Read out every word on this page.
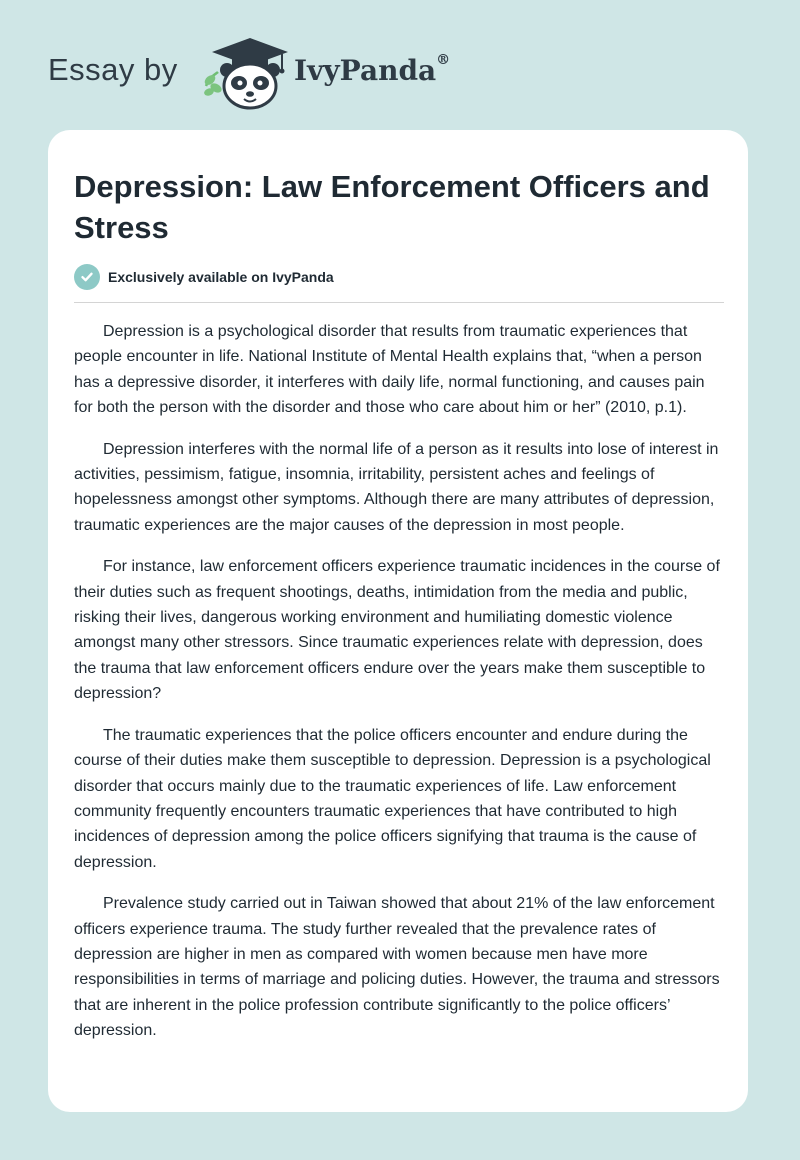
Essay by	IvyPanda®
Depression: Law Enforcement Officers and Stress
Exclusively available on IvyPanda

Depression is a psychological disorder that results from traumatic experiences that people encounter in life. National Institute of Mental Health explains that, “when a person has a depressive disorder, it interferes with daily life, normal functioning, and causes pain for both the person with the disorder and those who care about him or her” (2010, p.1).

Depression interferes with the normal life of a person as it results into lose of interest in activities, pessimism, fatigue, insomnia, irritability, persistent aches and feelings of hopelessness amongst other symptoms. Although there are many attributes of depression, traumatic experiences are the major causes of the depression in most people.

For instance, law enforcement officers experience traumatic incidences in the course of their duties such as frequent shootings, deaths, intimidation from the media and public, risking their lives, dangerous working environment and humiliating domestic violence amongst many other stressors. Since traumatic experiences relate with depression, does the trauma that law enforcement officers endure over the years make them susceptible to depression?

The traumatic experiences that the police officers encounter and endure during the course of their duties make them susceptible to depression. Depression is a psychological disorder that occurs mainly due to the traumatic experiences of life. Law enforcement community frequently encounters traumatic experiences that have contributed to high incidences of depression among the police officers signifying that trauma is the cause of depression.

Prevalence study carried out in Taiwan showed that about 21% of the law enforcement officers experience trauma. The study further revealed that the prevalence rates of depression are higher in men as compared with women because men have more responsibilities in terms of marriage and policing duties. However, the trauma and stressors that are inherent in the police profession contribute significantly to the police officers’ depression.
